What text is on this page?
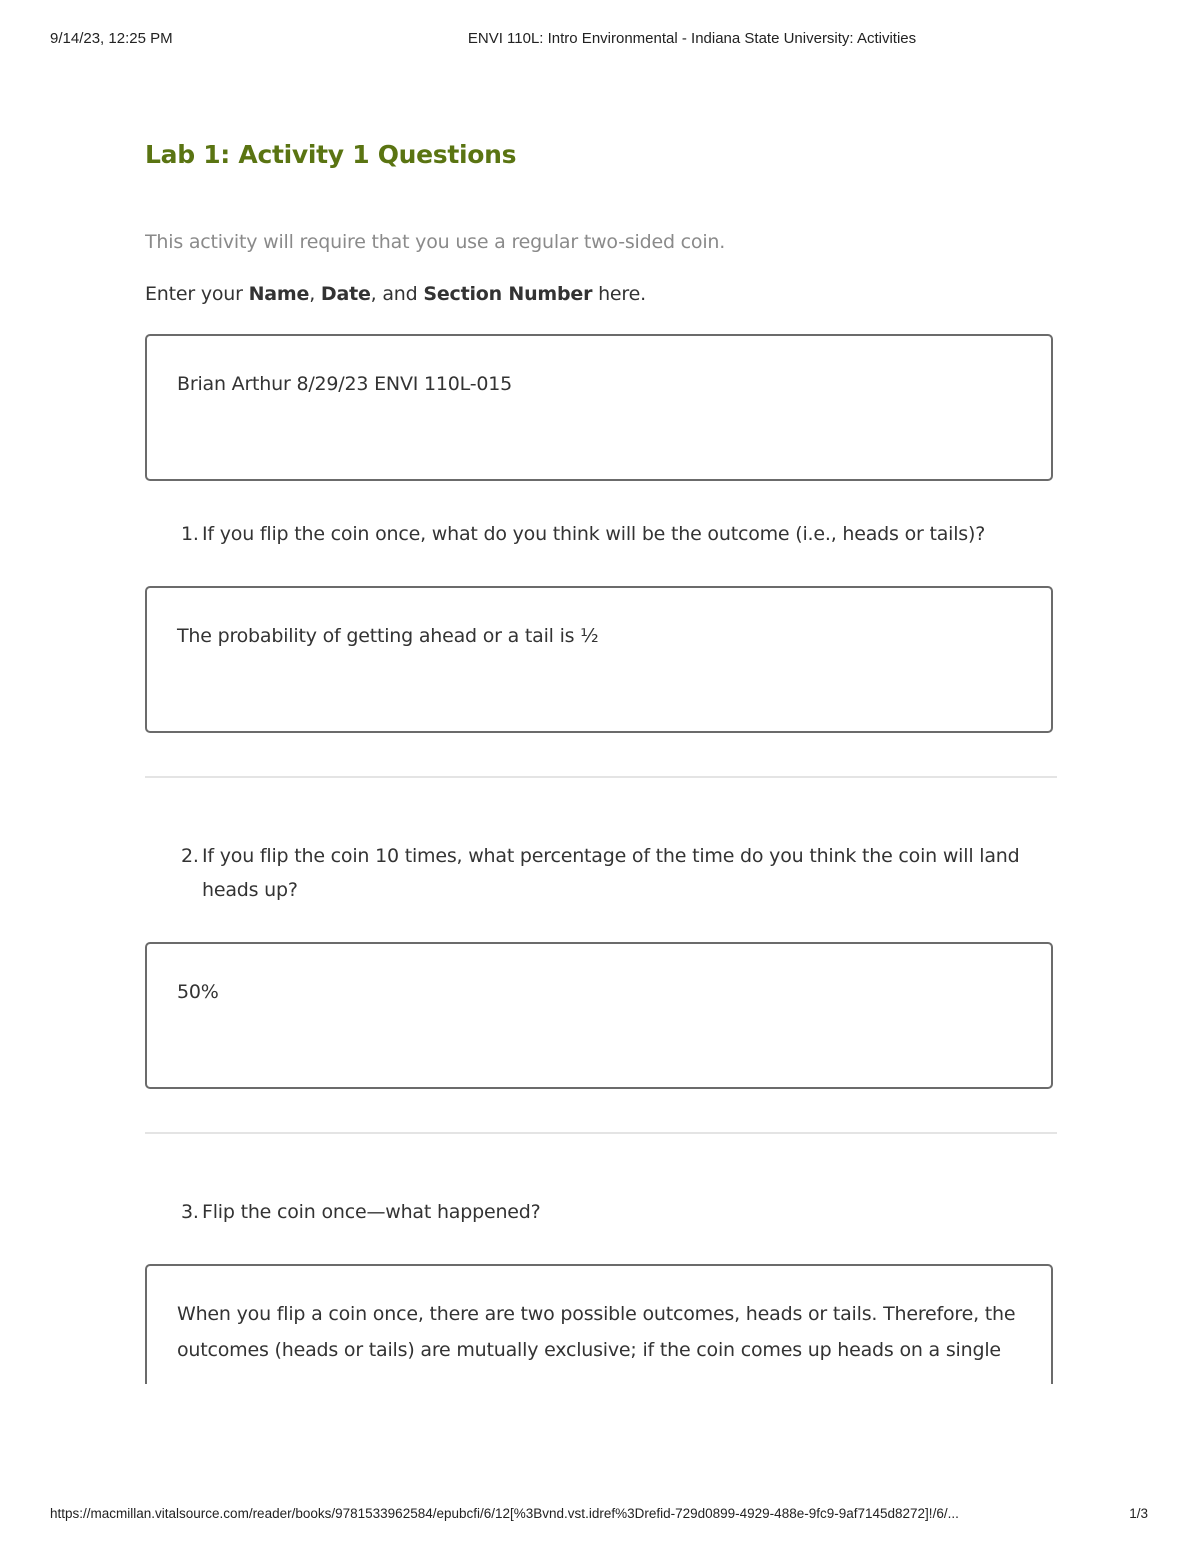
9/14/23, 12:25 PM	ENVI 110L: Intro Environmental - Indiana State University: Activities
Lab 1: Activity 1 Questions
This activity will require that you use a regular two-sided coin.
Enter your Name, Date, and Section Number here.
Brian Arthur 8/29/23 ENVI 110L-015
1. If you flip the coin once, what do you think will be the outcome (i.e., heads or tails)?
The probability of getting ahead or a tail is ½
2. If you flip the coin 10 times, what percentage of the time do you think the coin will land heads up?
50%
3. Flip the coin once—what happened?
When you flip a coin once, there are two possible outcomes, heads or tails. Therefore, the outcomes (heads or tails) are mutually exclusive; if the coin comes up heads on a single
https://macmillan.vitalsource.com/reader/books/9781533962584/epubcfi/6/12[%3Bvnd.vst.idref%3Drefid-729d0899-4929-488e-9fc9-9af7145d8272]!/6/...	1/3
